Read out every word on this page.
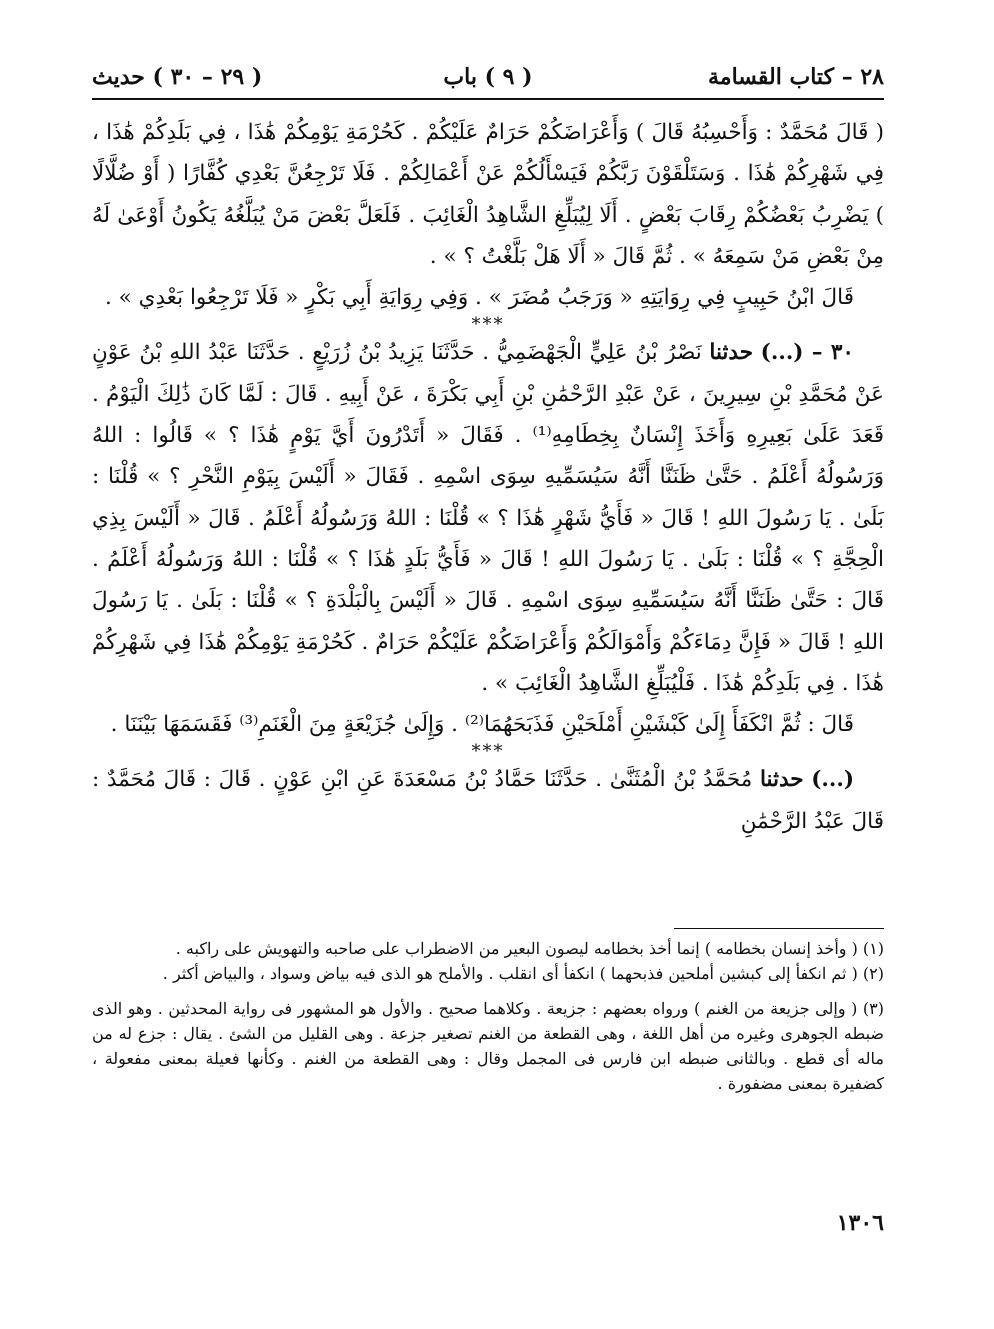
٢٨ – كتاب القسامة
( ٩ ) باب
( ٢٩ – ٣٠ ) حديث

( قَالَ مُحَمَّدٌ : وَأَحْسِبُهُ قَالَ ) وَأَعْرَاضَكُمْ حَرَامٌ عَلَيْكُمْ . كَحُرْمَةِ يَوْمِكُمْ هَٰذَا ، فِي بَلَدِكُمْ هَٰذَا ، فِي شَهْرِكُمْ هَٰذَا . وَسَتَلْقَوْنَ رَبَّكُمْ فَيَسْأَلُكُمْ عَنْ أَعْمَالِكُمْ . فَلَا تَرْجِعُنَّ بَعْدِي كُفَّارًا ( أَوْ ضُلَّالًا ) يَضْرِبُ بَعْضُكُمْ رِقَابَ بَعْضٍ . أَلَا لِيُبَلِّغِ الشَّاهِدُ الْغَائِبَ . فَلَعَلَّ بَعْضَ مَنْ يُبَلَّغُهُ يَكُونُ أَوْعَىٰ لَهُ مِنْ بَعْضِ مَنْ سَمِعَهُ » . ثُمَّ قَالَ « أَلَا هَلْ بَلَّغْتُ ؟ » .

قَالَ ابْنُ حَبِيبٍ فِي رِوَايَتِهِ « وَرَجَبُ مُضَرَ » . وَفِي رِوَايَةِ أَبِي بَكْرٍ « فَلَا تَرْجِعُوا بَعْدِي » .

***

٣٠ – (...) حدثنا نَصْرُ بْنُ عَلِيٍّ الْجَهْضَمِيُّ . حَدَّثَنَا يَزِيدُ بْنُ زُرَيْعٍ . حَدَّثَنَا عَبْدُ اللهِ بْنُ عَوْنٍ عَنْ مُحَمَّدِ بْنِ سِيرِينَ ، عَنْ عَبْدِ الرَّحْمَٰنِ بْنِ أَبِي بَكْرَةَ ، عَنْ أَبِيهِ . قَالَ : لَمَّا كَانَ ذَٰلِكَ الْيَوْمُ . قَعَدَ عَلَىٰ بَعِيرِهِ وَأَخَذَ إِنْسَانٌ بِخِطَامِهِ⁽¹⁾ . فَقَالَ « أَتَدْرُونَ أَيَّ يَوْمٍ هَٰذَا ؟ » قَالُوا : اللهُ وَرَسُولُهُ أَعْلَمُ . حَتَّىٰ ظَنَنَّا أَنَّهُ سَيُسَمِّيهِ سِوَى اسْمِهِ . فَقَالَ « أَلَيْسَ بِيَوْمِ النَّحْرِ ؟ » قُلْنَا : بَلَىٰ . يَا رَسُولَ اللهِ ! قَالَ « فَأَيُّ شَهْرٍ هَٰذَا ؟ » قُلْنَا : اللهُ وَرَسُولُهُ أَعْلَمُ . قَالَ « أَلَيْسَ بِذِي الْحِجَّةِ ؟ » قُلْنَا : بَلَىٰ . يَا رَسُولَ اللهِ ! قَالَ « فَأَيُّ بَلَدٍ هَٰذَا ؟ » قُلْنَا : اللهُ وَرَسُولُهُ أَعْلَمُ . قَالَ : حَتَّىٰ ظَنَنَّا أَنَّهُ سَيُسَمِّيهِ سِوَى اسْمِهِ . قَالَ « أَلَيْسَ بِالْبَلْدَةِ ؟ » قُلْنَا : بَلَىٰ . يَا رَسُولَ اللهِ ! قَالَ « فَإِنَّ دِمَاءَكُمْ وَأَمْوَالَكُمْ وَأَعْرَاضَكُمْ عَلَيْكُمْ حَرَامٌ . كَحُرْمَةِ يَوْمِكُمْ هَٰذَا فِي شَهْرِكُمْ هَٰذَا . فِي بَلَدِكُمْ هَٰذَا . فَلْيُبَلِّغِ الشَّاهِدُ الْغَائِبَ » .

قَالَ : ثُمَّ انْكَفَأَ إِلَىٰ كَبْشَيْنِ أَمْلَحَيْنِ فَذَبَحَهُمَا⁽²⁾ . وَإِلَىٰ جُزَيْعَةٍ مِنَ الْغَنَمِ⁽³⁾ فَقَسَمَهَا بَيْنَنَا .

***

(...) حدثنا مُحَمَّدُ بْنُ الْمُثَنَّىٰ . حَدَّثَنَا حَمَّادُ بْنُ مَسْعَدَةَ عَنِ ابْنِ عَوْنٍ . قَالَ : قَالَ مُحَمَّدٌ : قَالَ عَبْدُ الرَّحْمَٰنِ

(١) ( وأخذ إنسان بخطامه ) إنما أخذ بخطامه ليصون البعير من الاضطراب على صاحبه والتهويش على راكبه .

(٢) ( ثم انكفأ إلى كبشين أملحين فذبحهما ) انكفأ أى انقلب . والأملح هو الذى فيه بياض وسواد ، والبياض أكثر .

(٣) ( وإلى جزيعة من الغنم ) ورواه بعضهم : جزيعة . وكلاهما صحيح . والأول هو المشهور فى رواية المحدثين . وهو الذى ضبطه الجوهرى وغيره من أهل اللغة ، وهى القطعة من الغنم تصغير جزعة . وهى القليل من الشئ . يقال : جزع له من ماله أى قطع . وبالثانى ضبطه ابن فارس فى المجمل وقال : وهى القطعة من الغنم . وكأنها فعيلة بمعنى مفعولة ، كضفيرة بمعنى مضفورة .

١٣٠٦
